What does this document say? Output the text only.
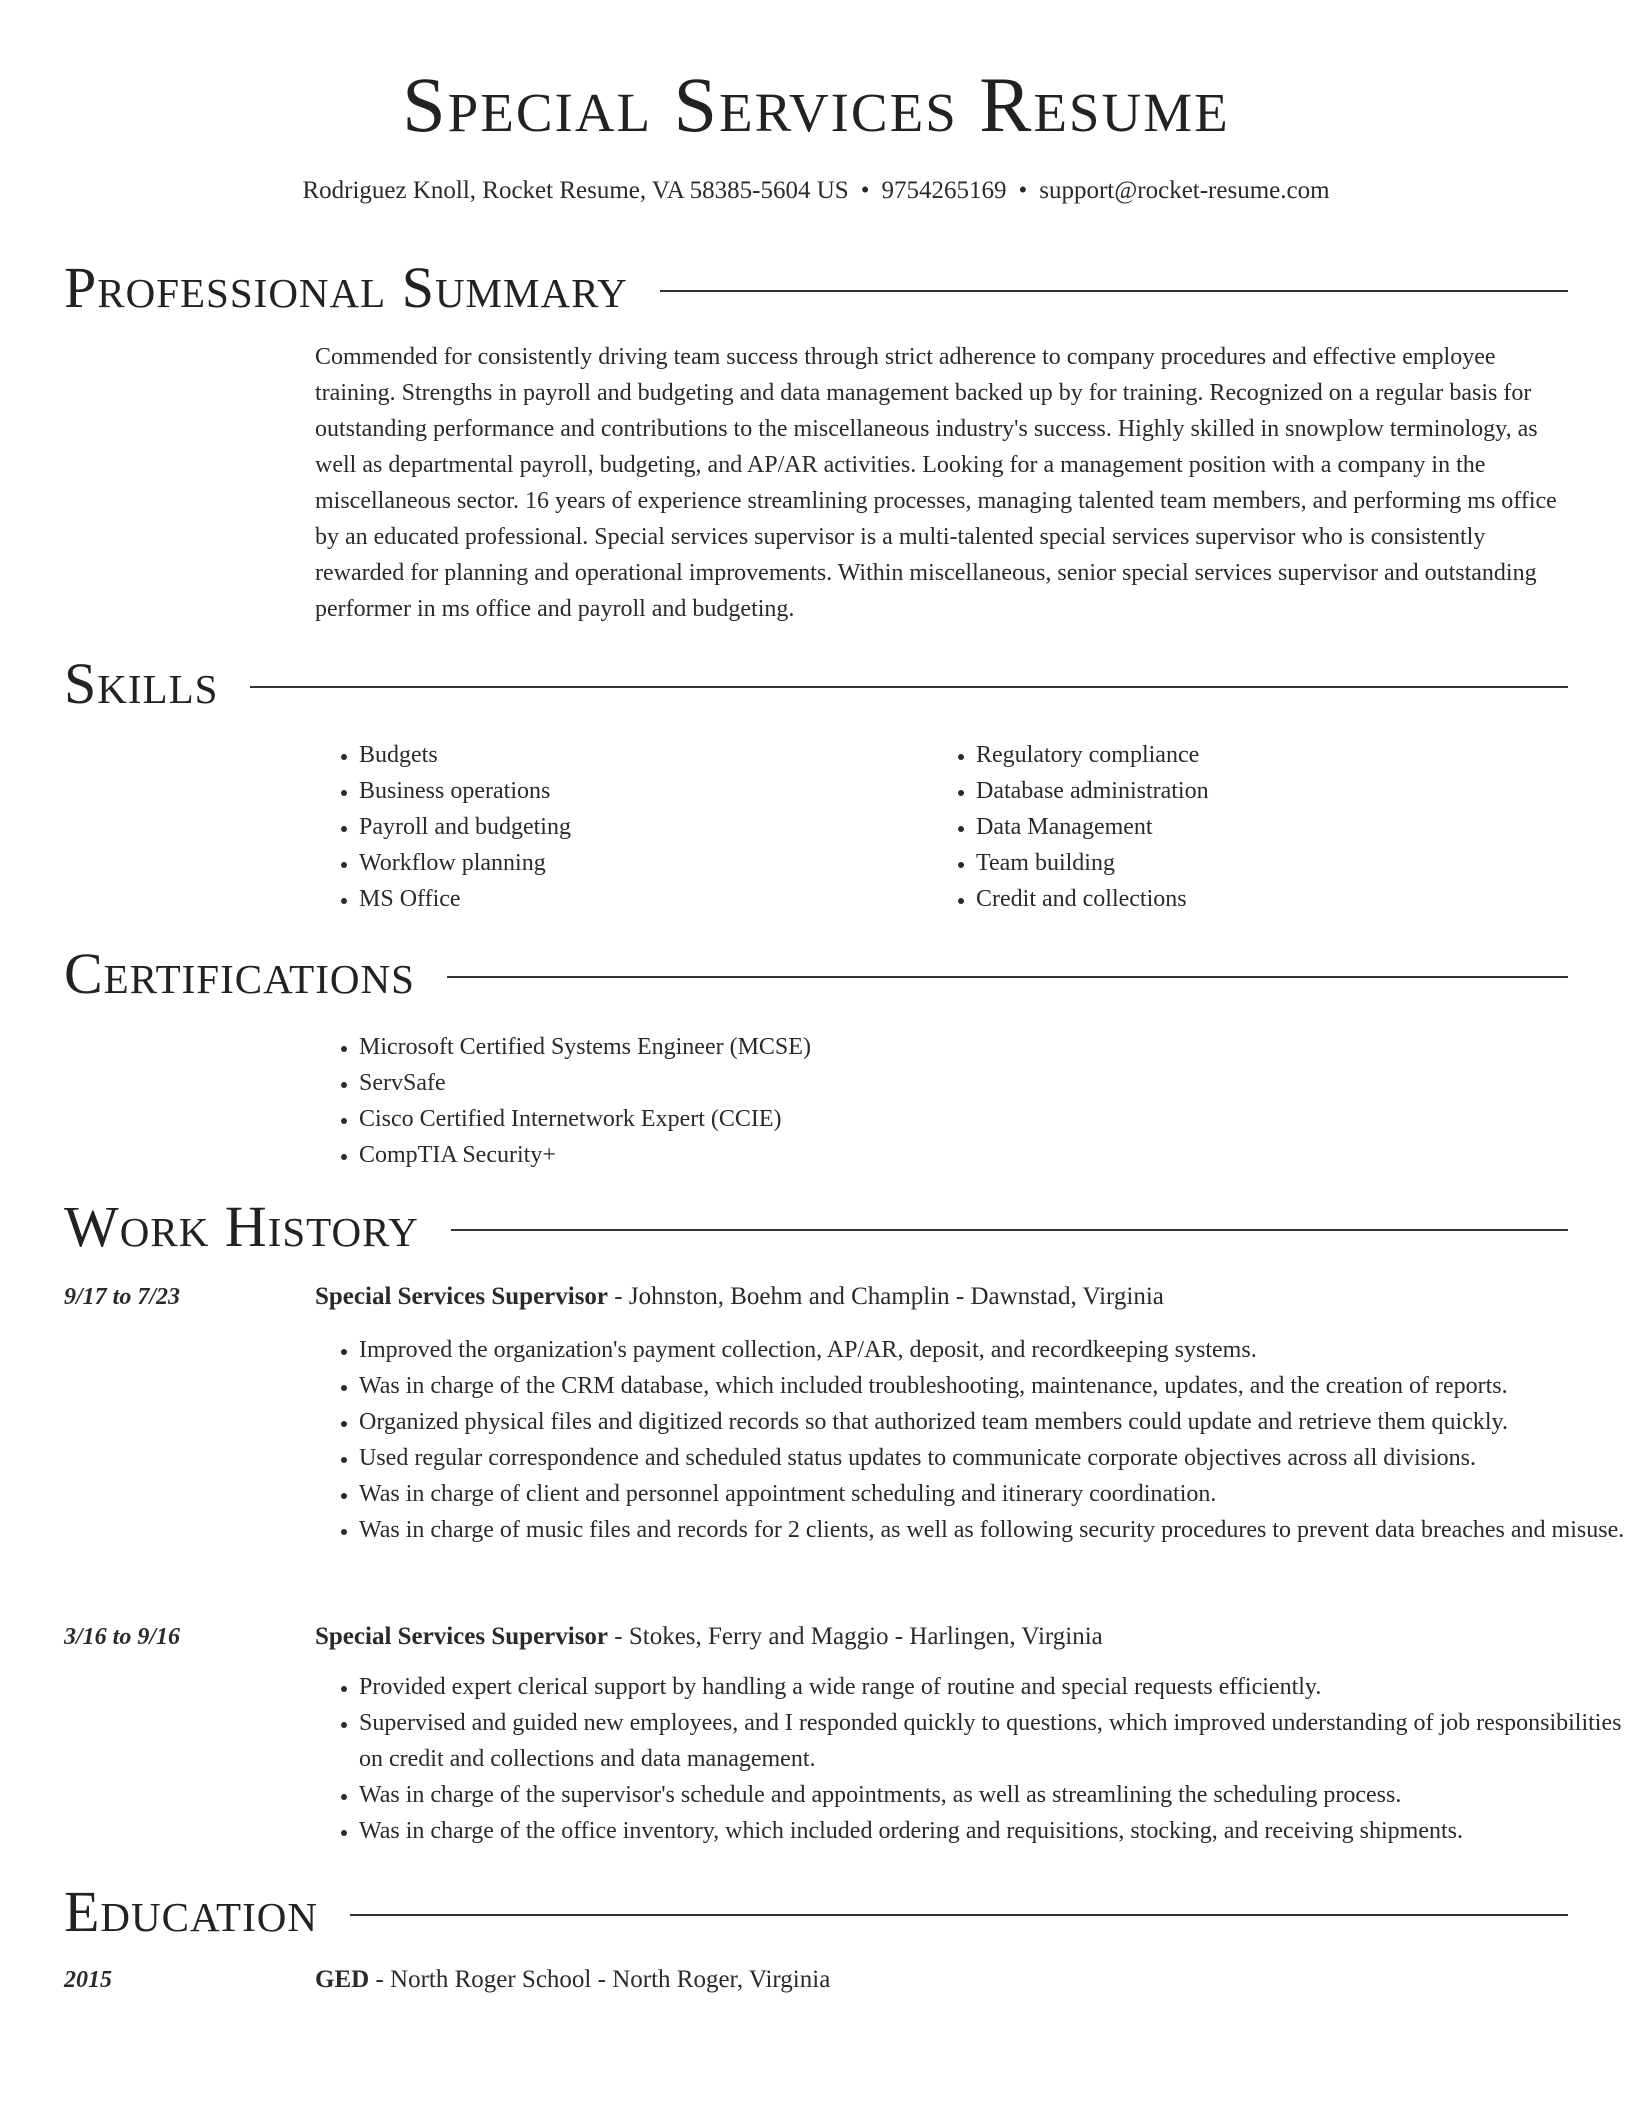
Special Services Resume
Rodriguez Knoll, Rocket Resume, VA 58385-5604 US • 9754265169 • support@rocket-resume.com
Professional Summary

Commended for consistently driving team success through strict adherence to company procedures and effective employee training. Strengths in payroll and budgeting and data management backed up by for training. Recognized on a regular basis for outstanding performance and contributions to the miscellaneous industry's success. Highly skilled in snowplow terminology, as well as departmental payroll, budgeting, and AP/AR activities. Looking for a management position with a company in the miscellaneous sector. 16 years of experience streamlining processes, managing talented team members, and performing ms office by an educated professional. Special services supervisor is a multi-talented special services supervisor who is consistently rewarded for planning and operational improvements. Within miscellaneous, senior special services supervisor and outstanding performer in ms office and payroll and budgeting.

Skills
• Budgets
• Business operations
• Payroll and budgeting
• Workflow planning
• MS Office
• Regulatory compliance
• Database administration
• Data Management
• Team building
• Credit and collections
Certifications
• Microsoft Certified Systems Engineer (MCSE)
• ServSafe
• Cisco Certified Internetwork Expert (CCIE)
• CompTIA Security+
Work History
9/17 to 7/23	Special Services Supervisor - Johnston, Boehm and Champlin - Dawnstad, Virginia
• Improved the organization's payment collection, AP/AR, deposit, and recordkeeping systems.
• Was in charge of the CRM database, which included troubleshooting, maintenance, updates, and the creation of reports.
• Organized physical files and digitized records so that authorized team members could update and retrieve them quickly.
• Used regular correspondence and scheduled status updates to communicate corporate objectives across all divisions.
• Was in charge of client and personnel appointment scheduling and itinerary coordination.
• Was in charge of music files and records for 2 clients, as well as following security procedures to prevent data breaches and misuse.
3/16 to 9/16	Special Services Supervisor - Stokes, Ferry and Maggio - Harlingen, Virginia
• Provided expert clerical support by handling a wide range of routine and special requests efficiently.
• Supervised and guided new employees, and I responded quickly to questions, which improved understanding of job responsibilities on credit and collections and data management.
• Was in charge of the supervisor's schedule and appointments, as well as streamlining the scheduling process.
• Was in charge of the office inventory, which included ordering and requisitions, stocking, and receiving shipments.
Education
2015	GED - North Roger School - North Roger, Virginia
